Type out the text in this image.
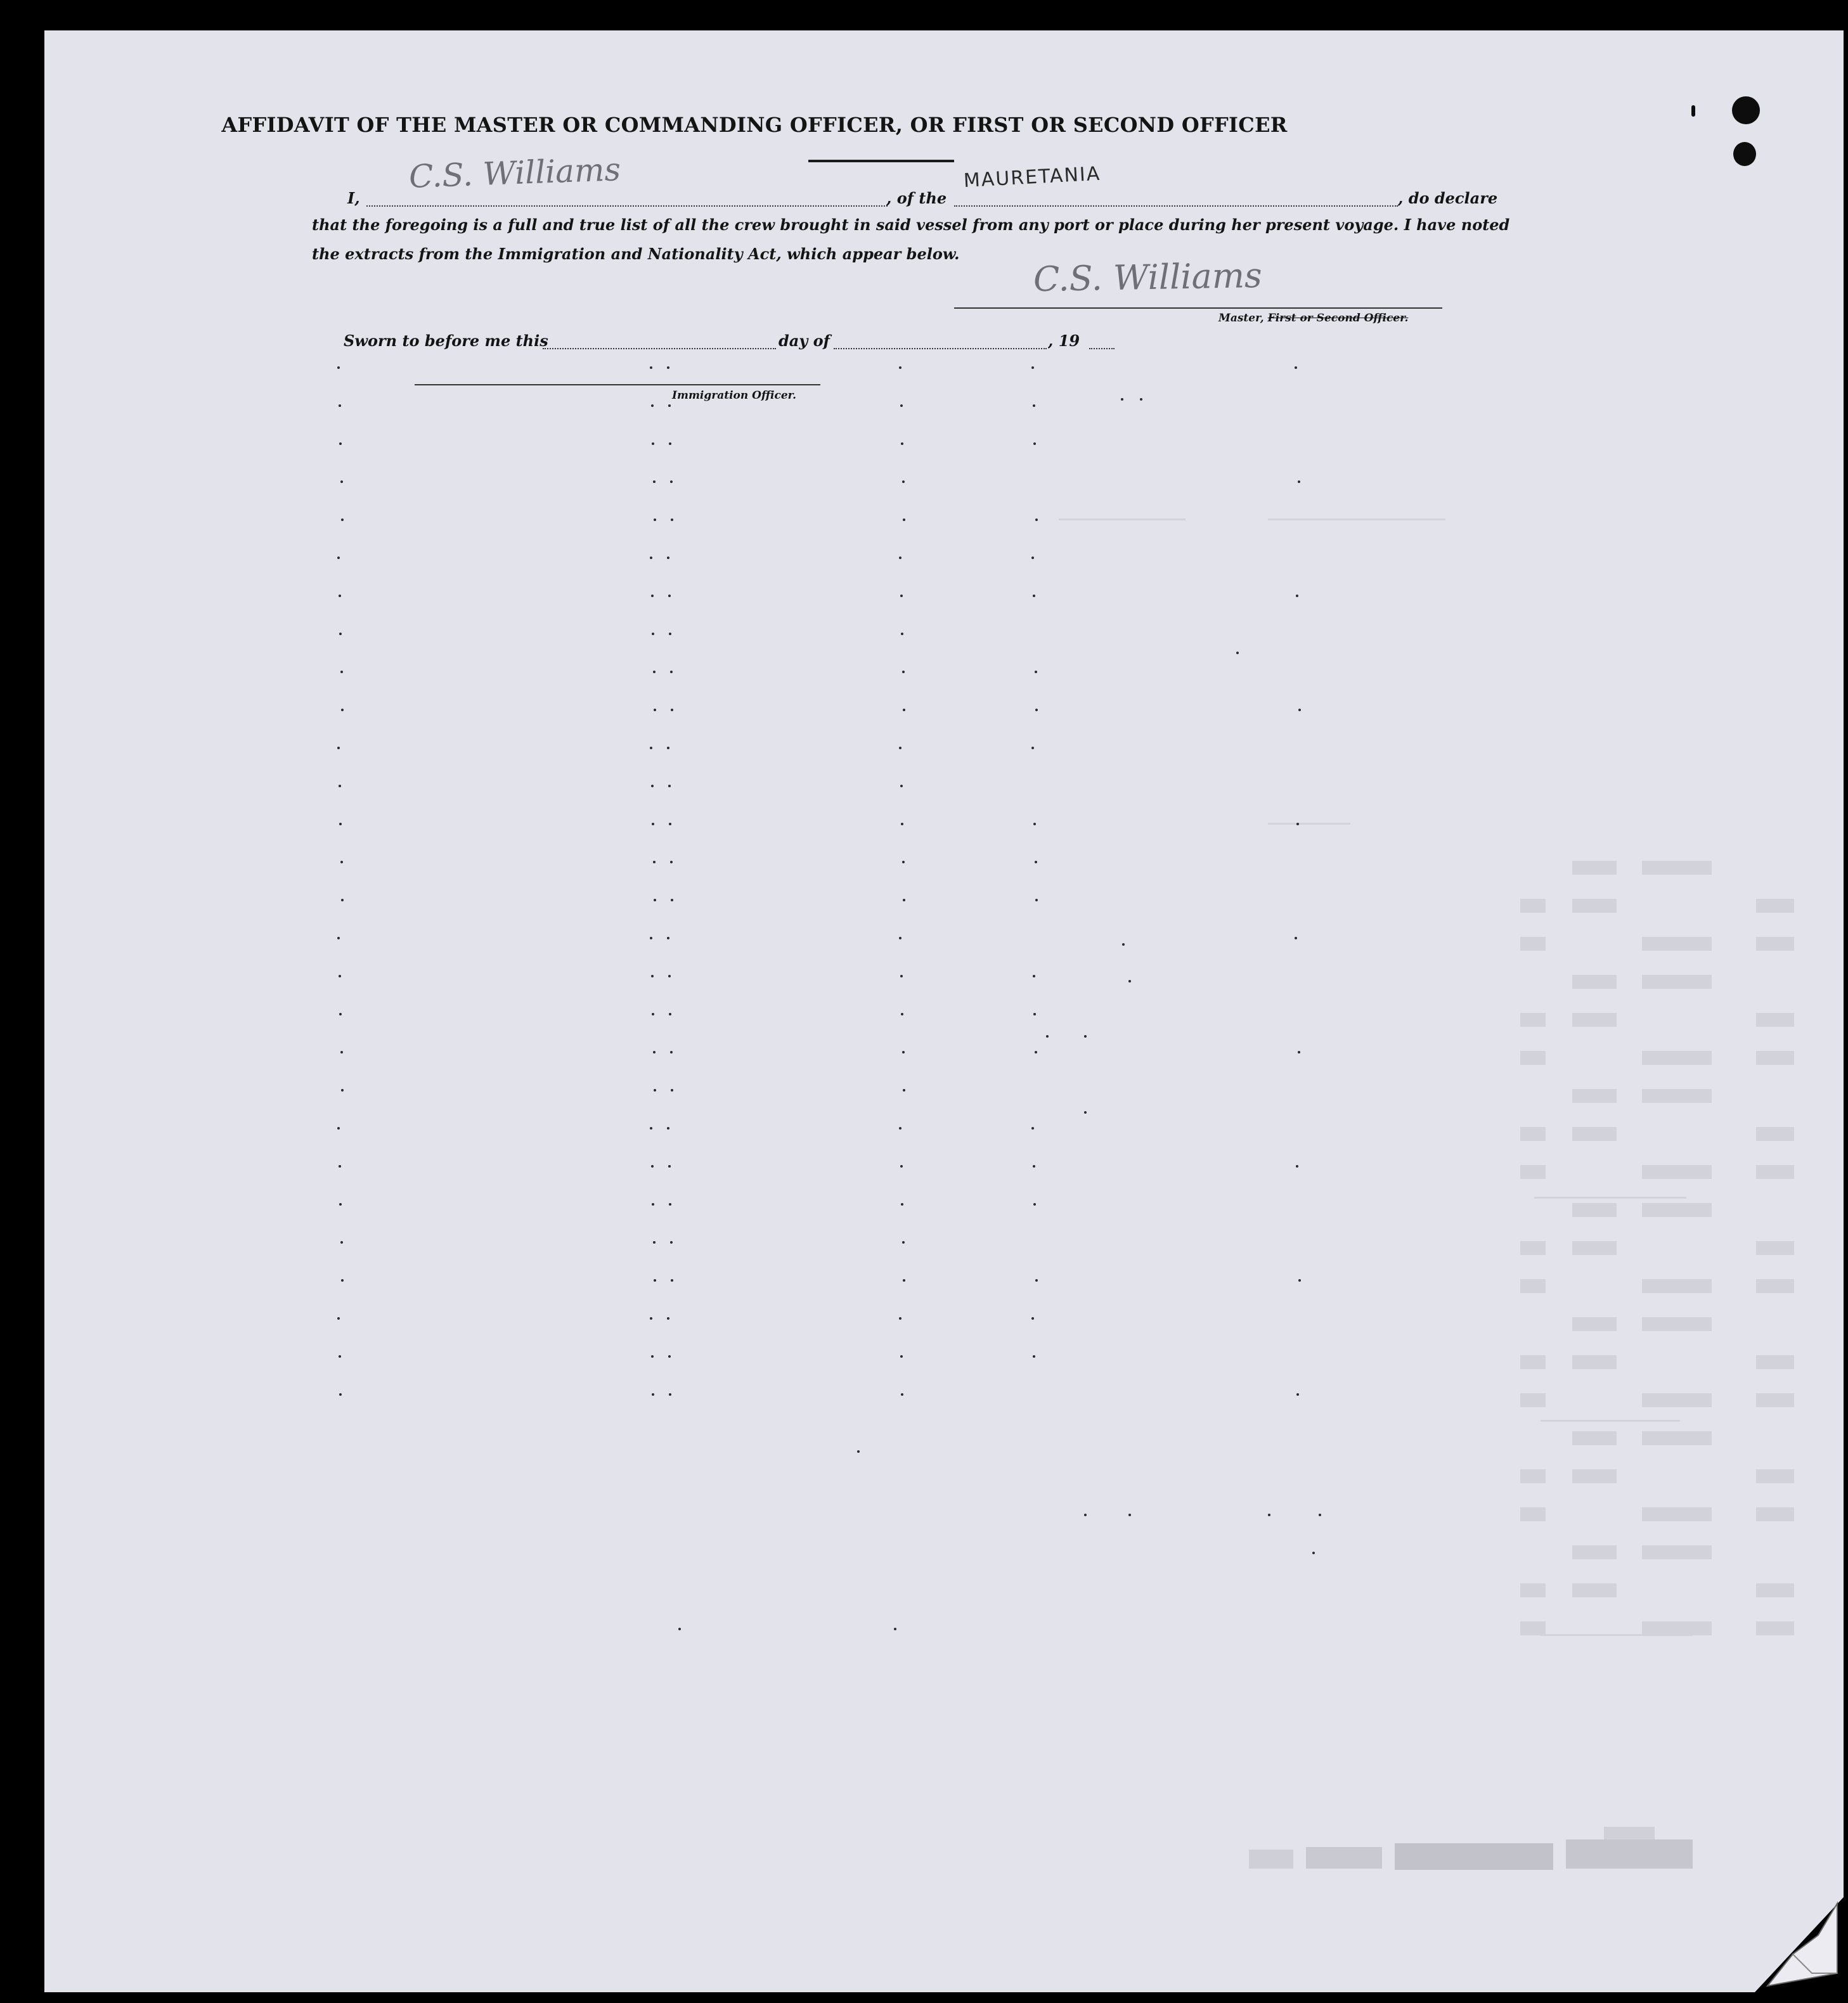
AFFIDAVIT OF THE MASTER OR COMMANDING OFFICER, OR FIRST OR SECOND OFFICER
I,
C.S. Williams
, of the
MAURETANIA
, do declare
that the foregoing is a full and true list of all the crew brought in said vessel from any port or place during her present voyage. I have noted
the extracts from the Immigration and Nationality Act, which appear below.
C.S. Williams
Master, First or Second Officer.
Sworn to before me this	day of	, 19
Immigration Officer.
